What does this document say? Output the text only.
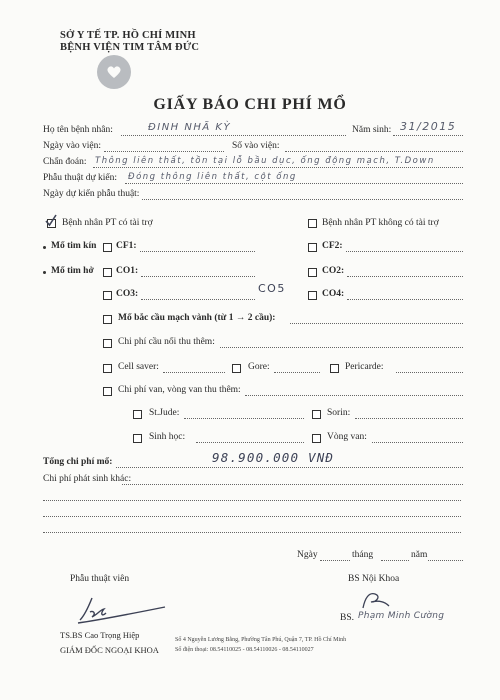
SỞ Y TẾ TP. HỒ CHÍ MINH
BỆNH VIỆN TIM TÂM ĐỨC
GIẤY BÁO CHI PHÍ MỔ
Họ tên bệnh nhân:	ĐINH NHÃ KỲ	Năm sinh: 31/2015
Ngày vào viện:	Số vào viện:
Chẩn đoán: Thông liên thất, tồn tại lỗ bầu dục, ống động mạch, T.Down
Phẫu thuật dự kiến: Đóng thông liên thất, cột ống
Ngày dự kiến phẫu thuật:
Bệnh nhân PT có tài trợ	Bệnh nhân PT không có tài trợ
Mổ tim kín CF1:	CF2:
Mổ tim hở CO1:	CO2:
CO3:	CO5	CO4:
Mổ bắc cầu mạch vành (từ 1 → 2 cầu):
Chi phí cầu nối thu thêm:
Cell saver:	Gore:	Pericarde:
Chi phí van, vòng van thu thêm:
St.Jude:	Sorin:
Sinh học:	Vòng van:
Tổng chi phí mổ:	98.900.000 VNĐ
Chi phí phát sinh khác:
Ngày	tháng	năm
Phẫu thuật viên	BS Nội Khoa
TS.BS Cao Trọng Hiệp
GIÁM ĐỐC NGOẠI KHOA
BS. Phạm Minh Cường
Số 4 Nguyễn Lương Bằng, Phường Tân Phú, Quận 7, TP. Hồ Chí Minh
Số điện thoại: 08.54110025 - 08.54110026 - 08.54110027
